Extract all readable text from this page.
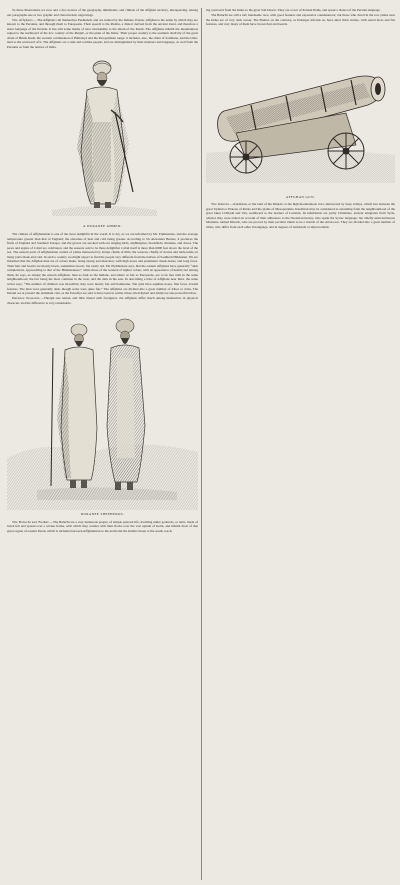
To these illustrations we now add a few notices of the geography, inhabitants, and climate of the Affghan territory, interspersing, among our paragraphs one or two graphic and characteristic engravings.

The Affghans.—The Affghans call themselves Pushtaneh, and are termed by the Indians, Patans. Affghan is the name by which they are known to the Persians, and through them to Europeans. Their speech is the Pushtu, a dialect derived from the ancient Zend, and therefore a sister language of the Persian. It has still some marks of near relationship to the idiom of the Kurds. The Affghans inhabit the mountainous region to the northward of the low country of the Punjab, or the plain of the Indus. Their proper country is the southern declivity of the great chain of Hindu Kush, the western continuation of Himalaya and the Paropamisan range: it includes, also, the chain of Solimana, and the table-land to the westward of it. The Affghans are a rude and warlike people, and are distinguished by their manners and language, as well from the Persians as from the natives of India.

A DURANEE AHMED.

The climate of Affghanistan is one of the most delightful in the world. It is dry, as we are informed by Mr. Elphinstone, and the average temperature greater than that of England; the extremes of heat and cold being greater. According to Sir Alexander Burnes, it produces the fruits of England and Southern Europe, and the groves are stocked with our singing-birds, nightingales, blackbirds, thrushes, and doves. The pears and apples of Cabul are celebrated, and the seasons said to be there delightful. Cabul itself is more than 6000 feet above the level of the sea. The eastern parts of Affghanistan consist of plains intersected by abrupt chains of hills; the western, chiefly of downs and table-lands, in many parts bleak and cold. In such a country we might expect to find the people very different from the natives of Southern Hindustan. We are informed that the Affghan men are of robust make, being strong and muscular, with high noses and prominent cheek-bones, and long faces. Their hair and beards are mostly black, sometimes brown, but rarely red. Mr. Elphinstone says, that the eastern Affghans have generally “dark complexions, approaching to that of the Hindustanees;” while those of the western of lighter colour, with an appearance of health; but among them, he says, as among the eastern Affghans, men as dark as the Indians, and others as fair as Europeans, are to be met with in the same neighbourhood; the fair being the most common in the west, and the dark in the east. In describing a tribe of Affghans near Dera, the same writer says, “The number of children was incredible; they were mostly fair and handsome. The girls have aquiline noses, fine faces, Jewish features. The men were generally dark, though some were quite fair.” The Affghans are divided into a great number of tribes or clans. The Durani are at present the dominant clan, as the Eusofzyi are said to have been in earlier times; the Khyberi and Ghilji are also powerful tribes.

Duranee Peasants.—Though one nation, and little mixed with foreigners, the Affghans differ much among themselves in physical character, and the difference is very remarkable.

DURANEE SHEPHERDS.

The Baluchi and Brahui.—The Baluchi are a very numerous people, of simple pastoral life, dwelling under gedowns, or tents, made of black felt and spread over a wicker frame, with which they wander with their flocks over the vast upland of Kelat, and inhabit most of that great region of eastern Persia which is included between Affghanistan to the north and the Indian Ocean to the south, reach-

ing westward from the Indus to the great Salt Desert. They are a race of Persian Iliahs, and speak a dialect of the Persian language.

The Baluchi are still a tall, handsome race, with good features and expressive countenances; but those who dwell in the low plains near the Indus are of very dark colour. The Brahui, on the contrary, as Pottinger informs us, have short thick bodies, with round faces and flat features, and very many of them have brown hair and beards.

AFFGHAN GUN.

The Khurds.—Kurdistan, or the land of the Khurds, is the high mountainous tract, intersected by deep valleys, which lies between the great Upland or Plateau of Persia and the plains of Mesopotamia. Kurdistan may be considered as extending from the neighbourhood of the great lakes Urmiyah and Van, southward to the borders of Luristan. Its inhabitants are partly Christians, ancient emigrants from Syria, whence they were exiled on account of their adherence to the Nestorian heresy, who speak the Syriac language; but chiefly semi-barbarous Moslems, named Khurds, who are proved by their peculiar idiom to be a branch of the Arian race. They are divided into a great number of tribes, who differ from each other in language, and in degrees of barbarism or improvement.
